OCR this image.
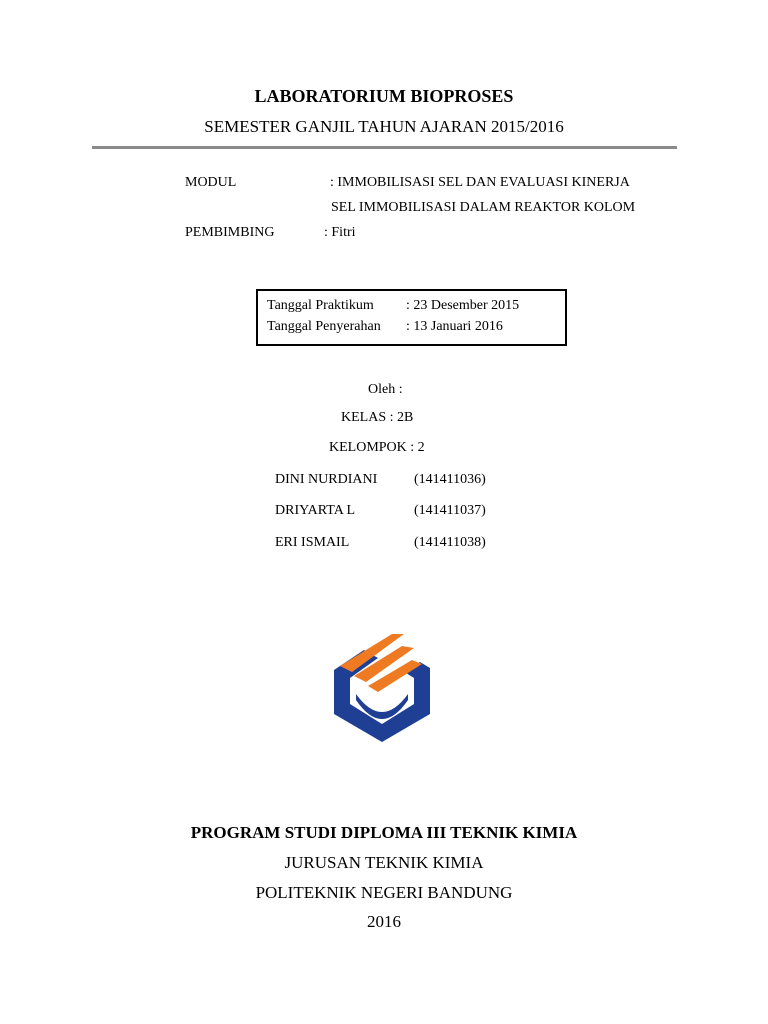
LABORATORIUM BIOPROSES
SEMESTER GANJIL TAHUN AJARAN 2015/2016
MODUL	: IMMOBILISASI SEL DAN EVALUASI KINERJA
SEL IMMOBILISASI DALAM REAKTOR KOLOM
PEMBIMBING	: Fitri
Tanggal Praktikum : 23 Desember 2015
Tanggal Penyerahan : 13 Januari 2016
Oleh :
KELAS : 2B
KELOMPOK : 2
DINI NURDIANI	(141411036)
DRIYARTA L	(141411037)
ERI ISMAIL	(141411038)
PROGRAM STUDI DIPLOMA III TEKNIK KIMIA
JURUSAN TEKNIK KIMIA
POLITEKNIK NEGERI BANDUNG
2016
